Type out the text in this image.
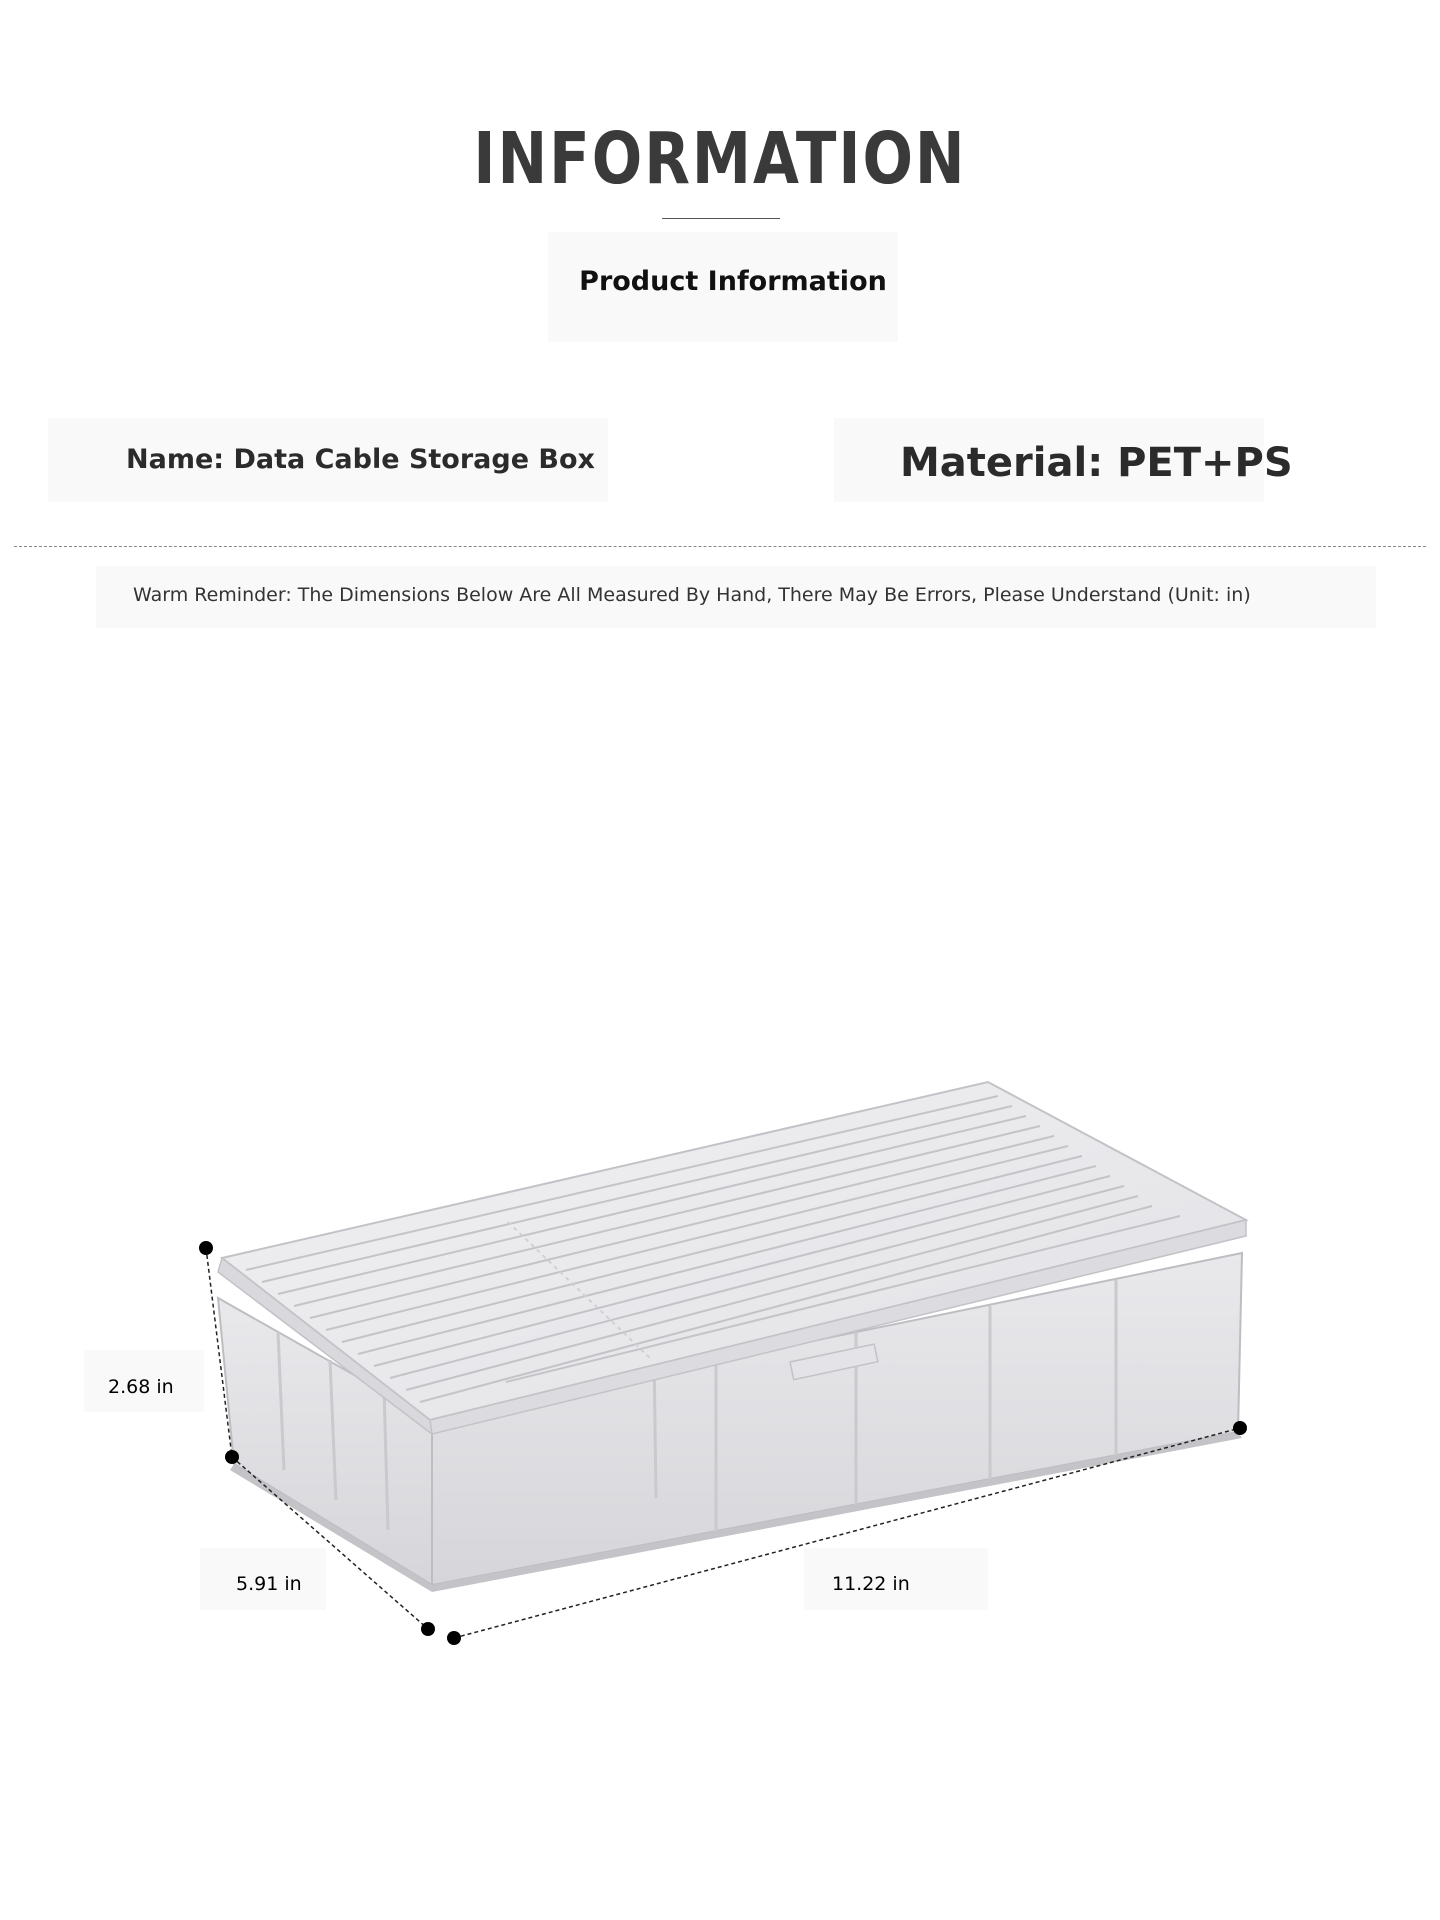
INFORMATION
Product Information
Name: Data Cable Storage Box	Material: PET+PS
Warm Reminder: The Dimensions Below Are All Measured By Hand, There May Be Errors, Please Understand (Unit: in)
2.68 in
5.91 in	11.22 in
